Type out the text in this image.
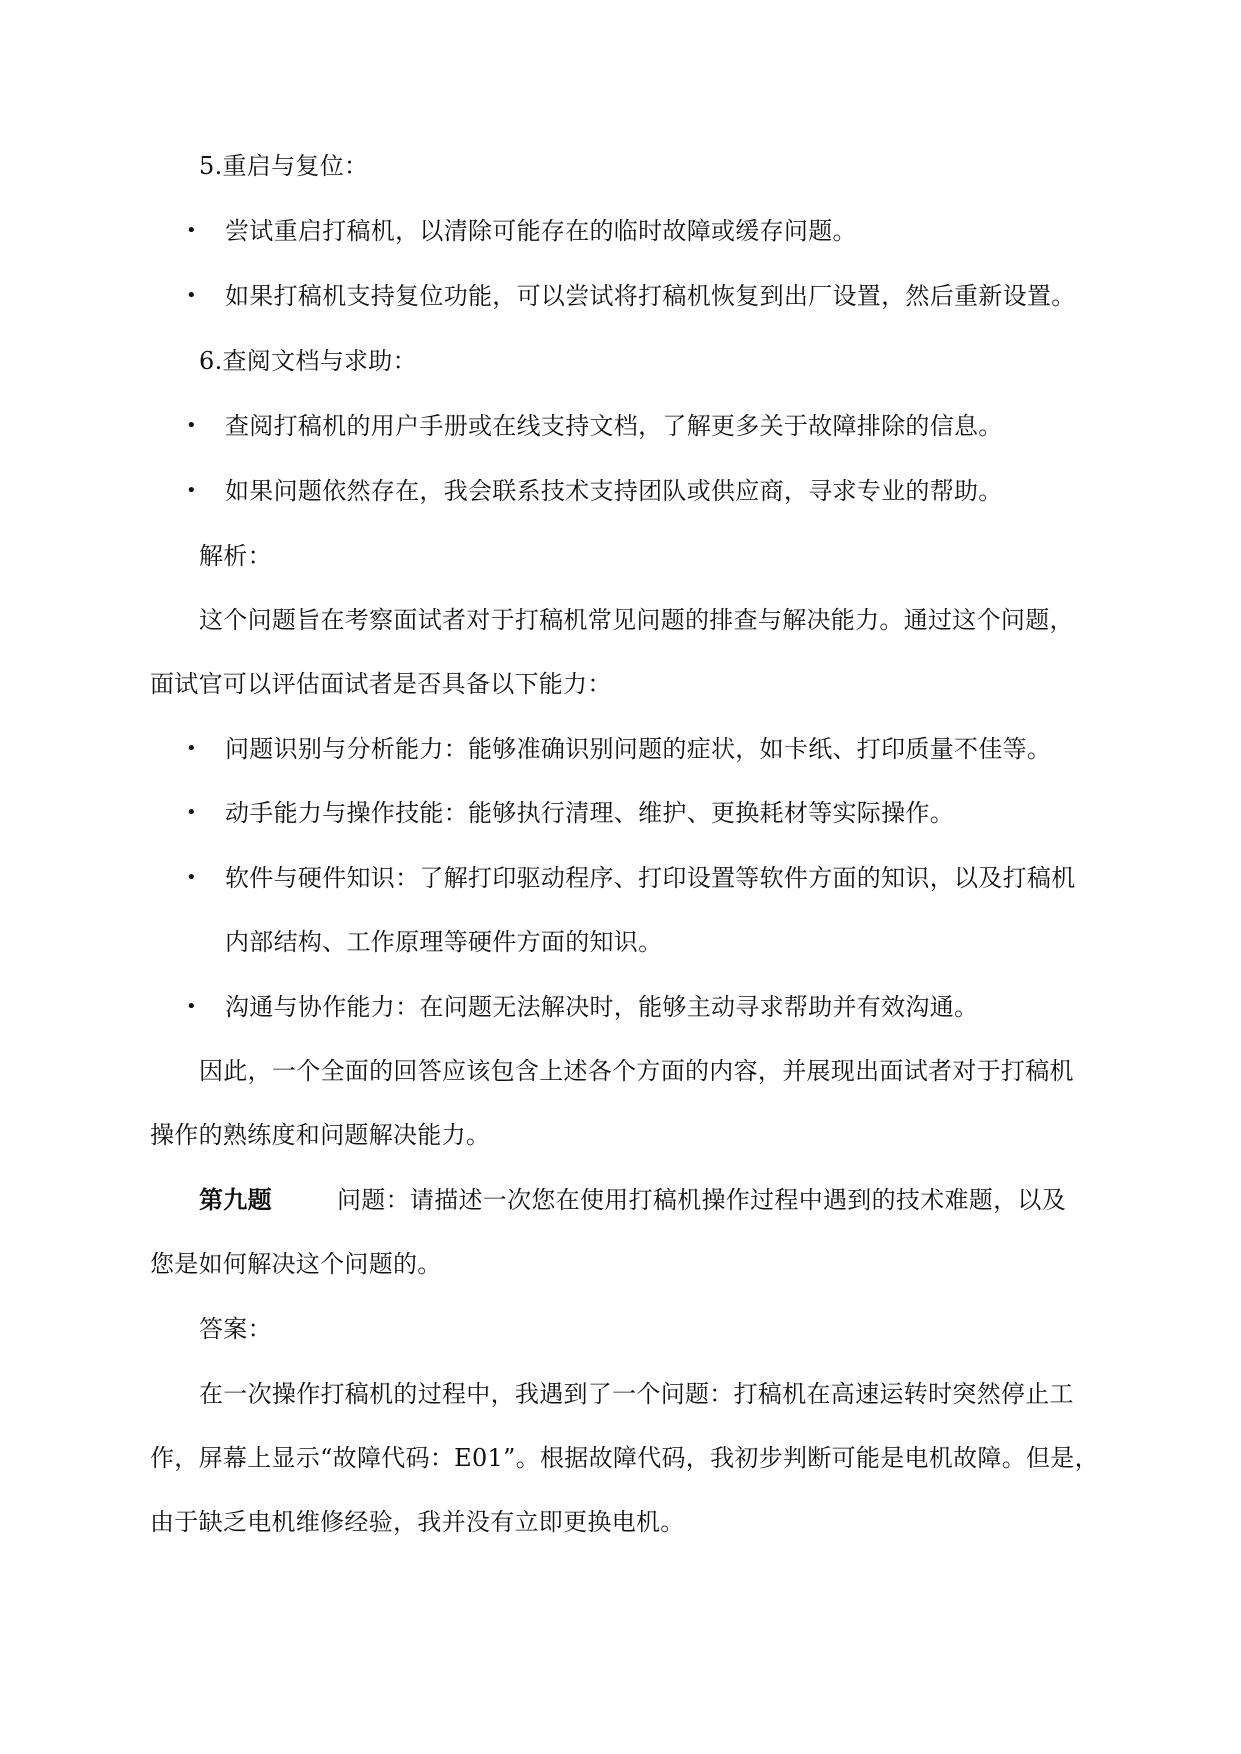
5.重启与复位：
• 尝试重启打稿机，以清除可能存在的临时故障或缓存问题。
• 如果打稿机支持复位功能，可以尝试将打稿机恢复到出厂设置，然后重新设置。
6.查阅文档与求助：
• 查阅打稿机的用户手册或在线支持文档，了解更多关于故障排除的信息。
• 如果问题依然存在，我会联系技术支持团队或供应商，寻求专业的帮助。
解析：
这个问题旨在考察面试者对于打稿机常见问题的排查与解决能力。通过这个问题，
面试官可以评估面试者是否具备以下能力：
• 问题识别与分析能力：能够准确识别问题的症状，如卡纸、打印质量不佳等。
• 动手能力与操作技能：能够执行清理、维护、更换耗材等实际操作。
• 软件与硬件知识：了解打印驱动程序、打印设置等软件方面的知识，以及打稿机
内部结构、工作原理等硬件方面的知识。
• 沟通与协作能力：在问题无法解决时，能够主动寻求帮助并有效沟通。
因此，一个全面的回答应该包含上述各个方面的内容，并展现出面试者对于打稿机
操作的熟练度和问题解决能力。
第九题	问题：请描述一次您在使用打稿机操作过程中遇到的技术难题，以及
您是如何解决这个问题的。
答案：
在一次操作打稿机的过程中，我遇到了一个问题：打稿机在高速运转时突然停止工
作，屏幕上显示“故障代码：E01”。根据故障代码，我初步判断可能是电机故障。但是，
由于缺乏电机维修经验，我并没有立即更换电机。
